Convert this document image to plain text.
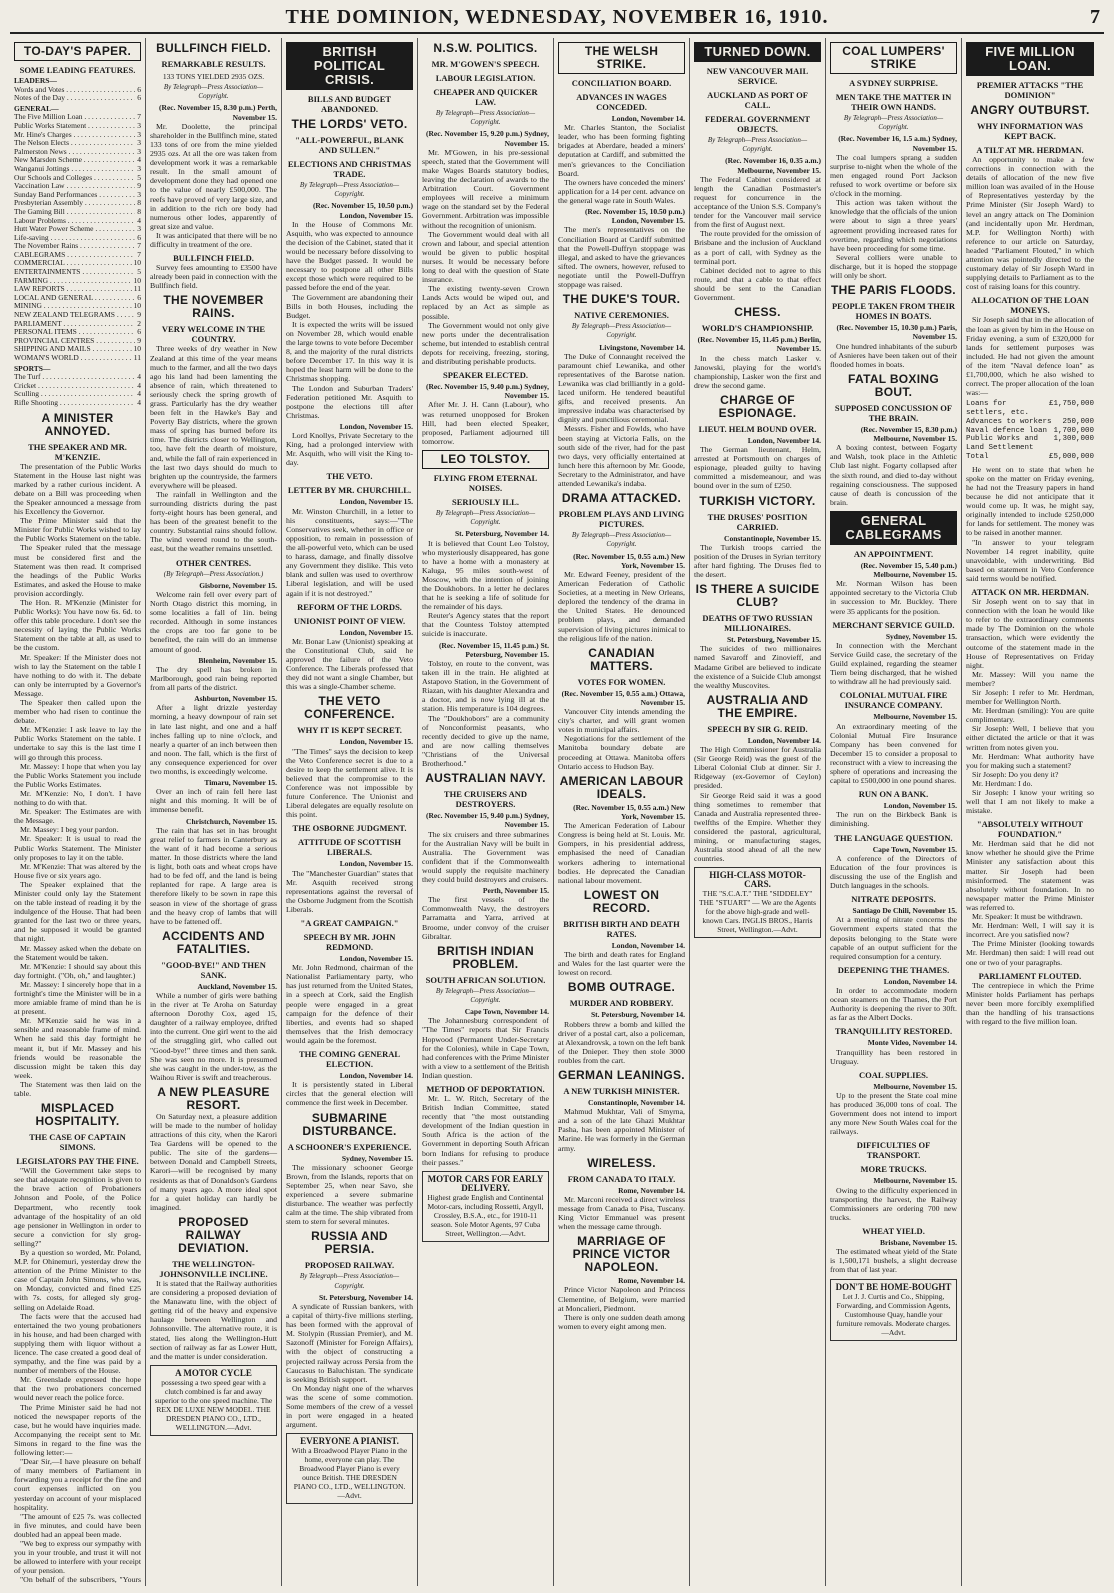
THE DOMINION, WEDNESDAY, NOVEMBER 16, 1910.	7
TO-DAY'S PAPER.
SOME LEADING FEATURES.
LEADERS—
Words and Votes . . .	6
Notes of the Day . . .	6
GENERAL—
The Five Million Loan . . .	7
Public Works Statement . . .	3
Mr. Hine's Charges . . .	3
The Nelson Elects . . .	3
Palmerston News . . .	3
New Marsden Scheme . . .	4
Wanganui Jottings . . .	3
Our Schools and Colleges . . .	5
Vaccination Law . . .	9
Sunday Band Performances . . .	3
Presbyterian Assembly . . .	8
The Gaming Bill . . .	8
Labour Problems . . .	4
Hutt Water Power Scheme . . .	3
Life-saving . . .	6
The November Rains . . .	7
CABLEGRAMS . . .	7
COMMERCIAL . . .	10
ENTERTAINMENTS . . .	5
FARMING . . .	10
LAW REPORTS . . .	11
LOCAL AND GENERAL . . .	6
MINING . . .	10
NEW ZEALAND TELEGRAMS . . .	9
PARLIAMENT . . .	2
PERSONAL ITEMS . . .	6
PROVINCIAL CENTRES . . .	9
SHIPPING AND MAILS . . .	10
WOMAN'S WORLD . . .	11
SPORTS—
The Turf . . .	4
Cricket . . .	4
Sculling . . .	4
Rifle Shooting . . .	4
A MINISTER ANNOYED.
THE SPEAKER AND MR. M'KENZIE.
The presentation of the Public Works Statement in the House last night was marked by a rather curious incident. A debate on a Bill was proceeding when the Speaker announced a message from his Excellency the Governor.
The Prime Minister said that the Minister for Public Works wished to lay the Public Works Statement on the table.
The Speaker ruled that the message must be considered first and the Statement was then read. It comprised the headings of the Public Works Estimates, and asked the House to make provision accordingly.
The Hon. R. M'Kenzie (Minister for Public Works): You have now 6s. 6d. to offer this table procedure. I don't see the necessity of laying the Public Works Statement on the table at all, as used to be the custom.
Mr. Speaker: If the Minister does not wish to lay the Statement on the table I have nothing to do with it. The debate can only be interrupted by a Governor's Message.
The Speaker then called upon the member who had risen to continue the debate.
Mr. M'Kenzie: I ask leave to lay the Public Works Statement on the table. I undertake to say this is the last time I will go through this process.
Mr. Massey: I hope that when you lay the Public Works Statement you include the Public Works Estimates.
Mr. M'Kenzie: No, I don't. I have nothing to do with that.
Mr. Speaker: The Estimates are with the Message.
Mr. Massey: I beg your pardon.
Mr. Speaker: It is usual to read the Public Works Statement. The Minister only proposes to lay it on the table.
Mr. M'Kenzie: That was altered by the House five or six years ago.
The Speaker explained that the Minister could only lay the Statement on the table instead of reading it by the indulgence of the House. That had been granted for the last two or three years, and he supposed it would be granted that night.
Mr. Massey asked when the debate on the Statement would be taken.
Mr. M'Kenzie: I should say about this day fortnight. ("Oh, oh," and laughter.)
Mr. Massey: I sincerely hope that in a fortnight's time the Minister will be in a more amiable frame of mind than he is at present.
Mr. M'Kenzie said he was in a sensible and reasonable frame of mind. When he said this day fortnight he meant it, but if Mr. Massey and his friends would be reasonable the discussion might be taken this day week.
The Statement was then laid on the table.
MISPLACED HOSPITALITY.
THE CASE OF CAPTAIN SIMONS.
LEGISLATORS PAY THE FINE.
"Will the Government take steps to see that adequate recognition is given to the brave action of Probationers Johnson and Poole, of the Police Department, who recently took advantage of the hospitality of an old age pensioner in Wellington in order to secure a conviction for sly grog-selling?"
By a question so worded, Mr. Poland, M.P. for Ohinemuri, yesterday drew the attention of the Prime Minister to the case of Captain John Simons, who was, on Monday, convicted and fined £25 with 7s. costs, for alleged sly grog-selling on Adelaide Road.
The facts were that the accused had entertained the two young probationers in his house, and had been charged with supplying them with liquor without a licence. The case created a good deal of sympathy, and the fine was paid by a number of members of the House.
Mr. Greenslade expressed the hope that the two probationers concerned would never reach the police force.
The Prime Minister said he had not noticed the newspaper reports of the case, but he would have inquiries made. Accompanying the receipt sent to Mr. Simons in regard to the fine was the following letter:—
"Dear Sir,—I have pleasure on behalf of many members of Parliament in forwarding you a receipt for the fine and court expenses inflicted on you yesterday on account of your misplaced hospitality.
"The amount of £25 7s. was collected in five minutes, and could have been doubled had an appeal been made.
"We beg to express our sympathy with you in your trouble, and trust it will not be allowed to interfere with your receipt of your pension.
"On behalf of the subscribers, "Yours
BULLFINCH FIELD.
REMARKABLE RESULTS.
133 TONS YIELDED 2935 OZS.
By Telegraph—Press Association—Copyright.
(Rec. November 15, 8.30 p.m.) Perth, November 15.
Mr. Doolette, the principal shareholder in the Bullfinch mine, stated 133 tons of ore from the mine yielded 2935 ozs. At all the ore was taken from development work it was a remarkable result. In the small amount of development done they had opened one to the value of nearly £500,000. The reefs have proved of very large size, and in addition to the rich ore body had numerous other lodes, apparently of great size and value.
It was anticipated that there will be no difficulty in treatment of the ore.
BULLFINCH FIELD.
Survey fees amounting to £3500 have already been paid in connection with the Bullfinch field.
THE NOVEMBER RAINS.
VERY WELCOME IN THE COUNTRY.
Three weeks of dry weather in New Zealand at this time of the year means much to the farmer, and all the two days ago his land had been lamenting the absence of rain, which threatened to seriously check the spring growth of grass. Particularly has the dry weather been felt in the Hawke's Bay and Poverty Bay districts, where the grown mass of spring has burned before its time. The districts closer to Wellington, too, have felt the dearth of moisture, and, while the fall of rain experienced in the last two days should do much to brighten up the countryside, the farmers everywhere will be pleased.
The rainfall in Wellington and the surrounding districts during the past forty-eight hours has been general, and has been of the greatest benefit to the country. Substantial rains should follow. The wind veered round to the south-east, but the weather remains unsettled.
OTHER CENTRES.
(By Telegraph—Press Association.)
Gisborne, November 15.
Welcome rain fell over every part of North Otago district this morning, in some localities a fall of 1in. being recorded. Although in some instances the crops are too far gone to be benefited, the rain will do an immense amount of good.
Blenheim, November 15.
The dry spell has broken in Marlborough, good rain being reported from all parts of the district.
Ashburton, November 15.
After a light drizzle yesterday morning, a heavy downpour of rain set in late last night, and one and a half inches falling up to nine o'clock, and nearly a quarter of an inch between then and noon. The fall, which is the first of any consequence experienced for over two months, is exceedingly welcome.
Timaru, November 15.
Over an inch of rain fell here last night and this morning. It will be of immense benefit.
Christchurch, November 15.
The rain that has set in has brought great relief to farmers in Canterbury as the want of it had become a serious matter. In those districts where the land is light, both oats and wheat crops have had to be fed off, and the land is being replanted for rape. A large area is therefore likely to be sown in rape this season in view of the shortage of grass and the heavy crop of lambs that will have to be fattened off.
ACCIDENTS AND FATALITIES.
"GOOD-BYE!" AND THEN SANK.
Auckland, November 15.
While a number of girls were bathing in the river at Te Aroha on Saturday afternoon Dorothy Cox, aged 15, daughter of a railway employee, drifted into the current. One girl went to the aid of the struggling girl, who called out "Good-bye!" three times and then sank. She was seen no more. It is presumed she was caught in the under-tow, as the Waihou River is swift and treacherous.
A NEW PLEASURE RESORT.
On Saturday next, a pleasure addition will be made to the number of holiday attractions of this city, when the Karori Tea Gardens will be opened to the public. The site of the gardens—between Donald and Campbell Streets, Karori—will be recognised by many residents as that of Donaldson's Gardens of many years ago. A more ideal spot for a quiet holiday can hardly be imagined.
PROPOSED RAILWAY DEVIATION.
THE WELLINGTON-JOHNSONVILLE INCLINE.
It is stated that the Railway authorities are considering a proposed deviation of the Manawatu line, with the object of getting rid of the heavy and expensive haulage between Wellington and Johnsonville. The alternative route, it is stated, lies along the Wellington-Hutt section of railway as far as Lower Hutt, and the matter is under consideration.
A MOTOR CYCLE
possessing a two speed gear with a clutch combined is far and away superior to the one speed machine. The REX DE LUXE NEW MODEL. THE DRESDEN PIANO CO., LTD., WELLINGTON.—Advt.
BRITISH POLITICAL CRISIS.
BILLS AND BUDGET ABANDONED.
THE LORDS' VETO.
"ALL-POWERFUL, BLANK AND SULLEN."
ELECTIONS AND CHRISTMAS TRADE.
By Telegraph—Press Association—Copyright.
(Rec. November 15, 10.50 p.m.) London, November 15.
In the House of Commons Mr. Asquith, who was expected to announce the decision of the Cabinet, stated that it would be necessary before dissolving to have the Budget passed. It would be necessary to postpone all other Bills except those which were required to be passed before the end of the year.
The Government are abandoning their Bills in both Houses, including the Budget.
It is expected the writs will be issued on November 28, which would enable the large towns to vote before December 8, and the majority of the rural districts before December 17. In this way it is hoped the least harm will be done to the Christmas shopping.
The London and Suburban Traders' Federation petitioned Mr. Asquith to postpone the elections till after Christmas.
London, November 15.
Lord Knollys, Private Secretary to the King, had a prolonged interview with Mr. Asquith, who will visit the King to-day.
THE VETO.
LETTER BY MR. CHURCHILL.
London, November 15.
Mr. Winston Churchill, in a letter to his constituents, says:—"The Conservatives seek, whether in office or opposition, to remain in possession of the all-powerful veto, which can be used to harass, damage, and finally dissolve any Government they dislike. This veto blank and sullen was used to overthrow Liberal legislation, and will be used again if it is not destroyed."
REFORM OF THE LORDS.
UNIONIST POINT OF VIEW.
London, November 15.
Mr. Bonar Law (Unionist) speaking at the Constitutional Club, said he approved the failure of the Veto Conference. The Liberals professed that they did not want a single Chamber, but this was a single-Chamber scheme.
THE VETO CONFERENCE.
WHY IT IS KEPT SECRET.
London, November 15.
"The Times" says the decision to keep the Veto Conference secret is due to a desire to keep the settlement alive. It is believed that the compromise to the Conference was not impossible by future Conference. The Unionist and Liberal delegates are equally resolute on this point.
THE OSBORNE JUDGMENT.
ATTITUDE OF SCOTTISH LIBERALS.
London, November 15.
The "Manchester Guardian" states that Mr. Asquith received strong representations against the reversal of the Osborne Judgment from the Scottish Liberals.
"A GREAT CAMPAIGN."
SPEECH BY MR. JOHN REDMOND.
London, November 15.
Mr. John Redmond, chairman of the Nationalist Parliamentary party, who has just returned from the United States, in a speech at Cork, said the English people were engaged in a great campaign for the defence of their liberties, and events had so shaped themselves that the Irish democracy would again be the foremost.
THE COMING GENERAL ELECTION.
London, November 14.
It is persistently stated in Liberal circles that the general election will commence the first week in December.
SUBMARINE DISTURBANCE.
A SCHOONER'S EXPERIENCE.
Sydney, November 15.
The missionary schooner George Brown, from the Islands, reports that on September 25, when near Savo, she experienced a severe submarine disturbance. The weather was perfectly calm at the time. The ship vibrated from stem to stern for several minutes.
RUSSIA AND PERSIA.
PROPOSED RAILWAY.
By Telegraph—Press Association—Copyright.
St. Petersburg, November 14.
A syndicate of Russian bankers, with a capital of thirty-five millions sterling, has been formed with the approval of M. Stolypin (Russian Premier), and M. Sazonoff (Minister for Foreign Affairs), with the object of constructing a projected railway across Persia from the Caucasus to Baluchistan. The syndicate is seeking British support.
On Monday night one of the wharves was the scene of some commotion. Some members of the crew of a vessel in port were engaged in a heated argument.
EVERYONE A PIANIST.
With a Broadwood Player Piano in the home, everyone can play. The Broadwood Player Piano is every ounce British. THE DRESDEN PIANO CO., LTD., WELLINGTON.—Advt.
N.S.W. POLITICS.
MR. M'GOWEN'S SPEECH.
LABOUR LEGISLATION.
CHEAPER AND QUICKER LAW.
By Telegraph—Press Association—Copyright.
(Rec. November 15, 9.20 p.m.) Sydney, November 15.
Mr. M'Gowen, in his pre-sessional speech, stated that the Government will make Wages Boards statutory bodies, leaving the declaration of awards to the Arbitration Court. Government employees will receive a minimum wage on the standard set by the Federal Government. Arbitration was impossible without the recognition of unionism.
The Government would deal with all crown and labour, and special attention would be given to public hospital nurses. It would be necessary before long to deal with the question of State insurance.
The existing twenty-seven Crown Lands Acts would be wiped out, and replaced by an Act as simple as possible.
The Government would not only give new ports under the decentralisation scheme, but intended to establish central depots for receiving, freezing, storing, and distributing perishable products.
SPEAKER ELECTED.
(Rec. November 15, 9.40 p.m.) Sydney, November 15.
After Mr. J. H. Cann (Labour), who was returned unopposed for Broken Hill, had been elected Speaker, proposed, Parliament adjourned till tomorrow.
LEO TOLSTOY.
FLYING FROM ETERNAL NOISES.
SERIOUSLY ILL.
By Telegraph—Press Association—Copyright.
St. Petersburg, November 14.
It is believed that Count Leo Tolstoy, who mysteriously disappeared, has gone to have a home with a monastery at Kaluga, 95 miles south-west of Moscow, with the intention of joining the Doukhobors. In a letter he declares that he is seeking a life of solitude for the remainder of his days.
Reuter's Agency states that the report that the Countess Tolstoy attempted suicide is inaccurate.
(Rec. November 15, 11.45 p.m.) St. Petersburg, November 15.
Tolstoy, en route to the convent, was taken ill in the train. He alighted at Astapovo Station, in the Government of Riazan, with his daughter Alexandra and a doctor, and is now lying ill at the station. His temperature is 104 degrees.
The "Doukhobors" are a community of Nonconformist peasants, who recently decided to give up the name, and are now calling themselves "Christians of the Universal Brotherhood."
AUSTRALIAN NAVY.
THE CRUISERS AND DESTROYERS.
(Rec. November 15, 9.40 p.m.) Sydney, November 15.
The six cruisers and three submarines for the Australian Navy will be built in Australia. The Government was confident that if the Commonwealth would supply the requisite machinery they could build destroyers and cruisers.
Perth, November 15.
The first vessels of the Commonwealth Navy, the destroyers Parramatta and Yarra, arrived at Broome, under convoy of the cruiser Gibraltar.
BRITISH INDIAN PROBLEM.
SOUTH AFRICAN SOLUTION.
By Telegraph—Press Association—Copyright.
Cape Town, November 14.
The Johannesburg correspondent of "The Times" reports that Sir Francis Hopwood (Permanent Under-Secretary for the Colonies), while in Cape Town, had conferences with the Prime Minister with a view to a settlement of the British Indian question.
METHOD OF DEPORTATION.
Mr. L. W. Ritch, Secretary of the British Indian Committee, stated recently that "the most outstanding development of the Indian question in South Africa is the action of the Government in deporting South African born Indians for refusing to produce their passes."
MOTOR CARS FOR EARLY DELIVERY.
Highest grade English and Continental Motor-cars, including Rossetti, Argyll, Crossley, B.S.A., etc., for 1910-11 season. Sole Motor Agents, 97 Cuba Street, Wellington.—Advt.
THE WELSH STRIKE.
CONCILIATION BOARD.
ADVANCES IN WAGES CONCEDED.
London, November 14.
Mr. Charles Stanton, the Socialist leader, who has been forming fighting brigades at Aberdare, headed a miners' deputation at Cardiff, and submitted the men's grievances to the Conciliation Board.
The owners have conceded the miners' application for a 14 per cent. advance on the general wage rate in South Wales.
(Rec. November 15, 10.50 p.m.) London, November 15.
The men's representatives on the Conciliation Board at Cardiff submitted that the Powell-Duffryn stoppage was illegal, and asked to have the grievances sifted. The owners, however, refused to negotiate until the Powell-Duffryn stoppage was raised.
THE DUKE'S TOUR.
NATIVE CEREMONIES.
By Telegraph—Press Association—Copyright.
Livingstone, November 14.
The Duke of Connaught received the paramount chief Lewanika, and other representatives of the Barotse nation. Lewanika was clad brilliantly in a gold-laced uniform. He tendered beautiful gifts, and received presents. An impressive indaba was characterised by dignity and punctilious ceremonial.
Messrs. Fisher and Fowlds, who have been staying at Victoria Falls, on the south side of the river, had for the past two days, very officially entertained at lunch here this afternoon by Mr. Goode, Secretary to the Administrator, and have attended Lewanika's indaba.
DRAMA ATTACKED.
PROBLEM PLAYS AND LIVING PICTURES.
By Telegraph—Press Association—Copyright.
(Rec. November 15, 0.55 a.m.) New York, November 15.
Mr. Edward Feeney, president of the American Federation of Catholic Societies, at a meeting in New Orleans, deplored the tendency of the drama in the United States. He denounced problem plays, and demanded supervision of living pictures inimical to the religious life of the nation.
CANADIAN MATTERS.
VOTES FOR WOMEN.
(Rec. November 15, 0.55 a.m.) Ottawa, November 15.
Vancouver City intends amending the city's charter, and will grant women votes in municipal affairs.
Negotiations for the settlement of the Manitoba boundary debate are proceeding at Ottawa. Manitoba offers Ontario access to Hudson Bay.
AMERICAN LABOUR IDEALS.
(Rec. November 15, 0.55 a.m.) New York, November 15.
The American Federation of Labour Congress is being held at St. Louis. Mr. Gompers, in his presidential address, emphasised the need of Canadian workers adhering to international bodies. He deprecated the Canadian national labour movement.
LOWEST ON RECORD.
BRITISH BIRTH AND DEATH RATES.
London, November 14.
The birth and death rates for England and Wales for the last quarter were the lowest on record.
BOMB OUTRAGE.
MURDER AND ROBBERY.
St. Petersburg, November 14.
Robbers threw a bomb and killed the driver of a postal cart, also a policeman, at Alexandrovsk, a town on the left bank of the Dnieper. They then stole 3000 roubles from the cart.
GERMAN LEANINGS.
A NEW TURKISH MINISTER.
Constantinople, November 14.
Mahmud Mukhtar, Vali of Smyrna, and a son of the late Ghazi Mukhtar Pasha, has been appointed Minister of Marine. He was formerly in the German army.
WIRELESS.
FROM CANADA TO ITALY.
Rome, November 14.
Mr. Marconi received a direct wireless message from Canada to Pisa, Tuscany. King Victor Emmanuel was present when the message came through.
MARRIAGE OF PRINCE VICTOR NAPOLEON.
Rome, November 14.
Prince Victor Napoleon and Princess Clementine, of Belgium, were married at Moncalieri, Piedmont.
There is only one sudden death among women to every eight among men.
TURNED DOWN.
NEW VANCOUVER MAIL SERVICE.
AUCKLAND AS PORT OF CALL.
FEDERAL GOVERNMENT OBJECTS.
By Telegraph—Press Association—Copyright.
(Rec. November 16, 0.35 a.m.) Melbourne, November 15.
The Federal Cabinet considered at length the Canadian Postmaster's request for concurrence in the acceptance of the Union S.S. Company's tender for the Vancouver mail service from the first of August next.
The route provided for the omission of Brisbane and the inclusion of Auckland as a port of call, with Sydney as the terminal port.
Cabinet decided not to agree to this route, and that a cable to that effect should be sent to the Canadian Government.
CHESS.
WORLD'S CHAMPIONSHIP.
(Rec. November 15, 11.45 p.m.) Berlin, November 15.
In the chess match Lasker v. Janowski, playing for the world's championship, Lasker won the first and drew the second game.
CHARGE OF ESPIONAGE.
LIEUT. HELM BOUND OVER.
London, November 14.
The German lieutenant, Helm, arrested at Portsmouth on charges of espionage, pleaded guilty to having committed a misdemeanour, and was bound over in the sum of £250.
TURKISH VICTORY.
THE DRUSES' POSITION CARRIED.
Constantinople, November 15.
The Turkish troops carried the position of the Druses in Syrian territory after hard fighting. The Druses fled to the desert.
IS THERE A SUICIDE CLUB?
DEATHS OF TWO RUSSIAN MILLIONAIRES.
St. Petersburg, November 15.
The suicides of two millionaires named Savaroff and Zinovieff, and Madame Gribel are believed to indicate the existence of a Suicide Club amongst the wealthy Muscovites.
AUSTRALIA AND THE EMPIRE.
SPEECH BY SIR G. REID.
London, November 14.
The High Commissioner for Australia (Sir George Reid) was the guest of the Liberal Colonial Club at dinner. Sir J. Ridgeway (ex-Governor of Ceylon) presided.
Sir George Reid said it was a good thing sometimes to remember that Canada and Australia represented three-twelfths of the Empire. Whether they considered the pastoral, agricultural, mining, or manufacturing stages, Australia stood ahead of all the new countries.
HIGH-CLASS MOTOR-CARS.
THE "S.C.A.T." THE "SIDDELEY" THE "STUART" — We are the Agents for the above high-grade and well-known Cars. INGLIS BROS., Harris Street, Wellington.—Advt.
COAL LUMPERS' STRIKE
A SYDNEY SURPRISE.
MEN TAKE THE MATTER IN THEIR OWN HANDS.
By Telegraph—Press Association—Copyright.
(Rec. November 16, 1.5 a.m.) Sydney, November 15.
The coal lumpers sprang a sudden surprise to-night when the whole of the men engaged round Port Jackson refused to work overtime or before six o'clock in the morning.
This action was taken without the knowledge that the officials of the union were about to sign a three years' agreement providing increased rates for overtime, regarding which negotiations have been proceeding for some time.
Several colliers were unable to discharge, but it is hoped the stoppage will only be short.
THE PARIS FLOODS.
PEOPLE TAKEN FROM THEIR HOMES IN BOATS.
(Rec. November 15, 10.30 p.m.) Paris, November 15.
One hundred inhabitants of the suburb of Asnieres have been taken out of their flooded homes in boats.
FATAL BOXING BOUT.
SUPPOSED CONCUSSION OF THE BRAIN.
(Rec. November 15, 8.30 p.m.) Melbourne, November 15.
A boxing contest, between Fogarty and Walsh, took place in the Athletic Club last night. Fogarty collapsed after the sixth round, and died to-day without regaining consciousness. The supposed cause of death is concussion of the brain.
GENERAL CABLEGRAMS
AN APPOINTMENT.
(Rec. November 15, 5.40 p.m.) Melbourne, November 15.
Mr. Norman Wilson has been appointed secretary to the Victoria Club in succession to Mr. Buckley. There were 35 applicants for the position.
MERCHANT SERVICE GUILD.
Sydney, November 15.
In connection with the Merchant Service Guild case, the secretary of the Guild explained, regarding the steamer Tiern being discharged, that he wished to withdraw all he had previously said.
COLONIAL MUTUAL FIRE INSURANCE COMPANY.
Melbourne, November 15.
An extraordinary meeting of the Colonial Mutual Fire Insurance Company has been convened for December 15 to consider a proposal to reconstruct with a view to increasing the sphere of operations and increasing the capital to £500,000 in one pound shares.
RUN ON A BANK.
London, November 15.
The run on the Birkbeck Bank is diminishing.
THE LANGUAGE QUESTION.
Cape Town, November 15.
A conference of the Directors of Education of the four provinces is discussing the use of the English and Dutch languages in the schools.
NITRATE DEPOSITS.
Santiago De Chili, November 15.
At a meeting of nitrate concerns the Government experts stated that the deposits belonging to the State were capable of an output sufficient for the required consumption for a century.
DEEPENING THE THAMES.
London, November 14.
In order to accommodate modern ocean steamers on the Thames, the Port Authority is deepening the river to 30ft. as far as the Albert Docks.
TRANQUILLITY RESTORED.
Monte Video, November 14.
Tranquillity has been restored in Uruguay.
COAL SUPPLIES.
Melbourne, November 15.
Up to the present the State coal mine has produced 36,000 tons of coal. The Government does not intend to import any more New South Wales coal for the railways.
DIFFICULTIES OF TRANSPORT.
MORE TRUCKS.
Melbourne, November 15.
Owing to the difficulty experienced in transporting the harvest, the Railway Commissioners are ordering 700 new trucks.
WHEAT YIELD.
Brisbane, November 15.
The estimated wheat yield of the State is 1,500,171 bushels, a slight decrease from that of last year.
DON'T BE HOME-BOUGHT
Let J. J. Curtis and Co., Shipping, Forwarding, and Commission Agents, Customhouse Quay, handle your furniture removals. Moderate charges.—Advt.
FIVE MILLION LOAN.
PREMIER ATTACKS "THE DOMINION"
ANGRY OUTBURST.
WHY INFORMATION WAS KEPT BACK.
A TILT AT MR. HERDMAN.
An opportunity to make a few corrections in connection with the details of allocation of the new five million loan was availed of in the House of Representatives yesterday by the Prime Minister (Sir Joseph Ward) to level an angry attack on The Dominion (and incidentally upon Mr. Herdman, M.P. for Wellington North) with reference to our article on Saturday, headed "Parliament Flouted," in which attention was pointedly directed to the customary delay of Sir Joseph Ward in supplying details to Parliament as to the cost of raising loans for this country.
ALLOCATION OF THE LOAN MONEYS.
Sir Joseph said that in the allocation of the loan as given by him in the House on Friday evening, a sum of £320,000 for lands for settlement purposes was included. He had not given the amount of the item "Naval defence loan" as £1,700,000, which he also wished to correct. The proper allocation of the loan was:—
Loans for settlers, etc.
£1,750,000
Advances to workers 250,000
Naval defence loan 1,700,000
Public Works and Land Settlement
1,300,000
Total	£5,000,000
He went on to state that when he spoke on the matter on Friday evening, he had not the Treasury papers in hand because he did not anticipate that it would come up. It was, he might say, originally intended to include £250,000 for lands for settlement. The money was to be raised in another manner.
"In answer to your telegram November 14 regret inability, quite unavoidable, with underwriting. Bid based on statement in Veto Conference said terms would be notified.
ATTACK ON MR. HERDMAN.
Sir Joseph went on to say that in connection with the loan he would like to refer to the extraordinary comments made by The Dominion on the whole transaction, which were evidently the outcome of the statement made in the House of Representatives on Friday night.
Mr. Massey: Will you name the member?
Sir Joseph: I refer to Mr. Herdman, member for Wellington North.
Mr. Herdman (smiling): You are quite complimentary.
Sir Joseph: Well, I believe that you either dictated the article or that it was written from notes given you.
Mr. Herdman: What authority have you for making such a statement?
Sir Joseph: Do you deny it?
Mr. Herdman: I do.
Sir Joseph: I know your writing so well that I am not likely to make a mistake.
"ABSOLUTELY WITHOUT FOUNDATION."
Mr. Herdman said that he did not know whether he should give the Prime Minister any satisfaction about this matter. Sir Joseph had been misinformed. The statement was absolutely without foundation. In no newspaper matter the Prime Minister was referred to.
Mr. Speaker: It must be withdrawn.
Mr. Herdman: Well, I will say it is incorrect. Are you satisfied now?
The Prime Minister (looking towards Mr. Herdman) then said: I will read out one or two of your paragraphs.
PARLIAMENT FLOUTED.
The centrepiece in which the Prime Minister holds Parliament has perhaps never been more forcibly exemplified than the handling of his transactions with regard to the five million loan.
